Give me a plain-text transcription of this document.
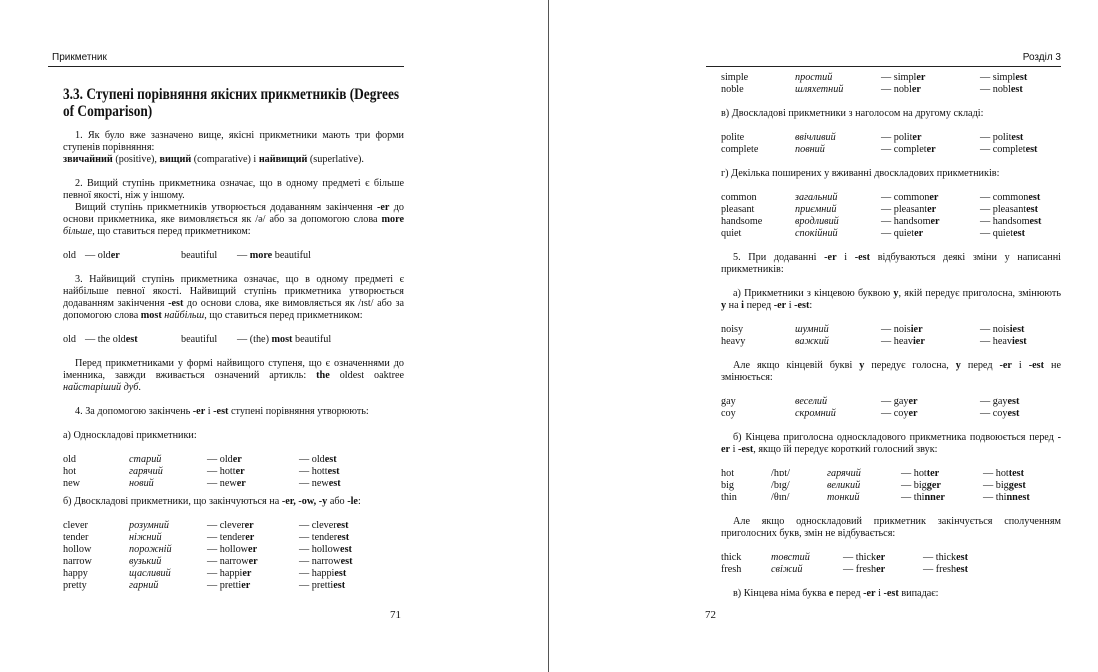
Прикметник
3.3. Ступені порівняння якісних прикметників (Degrees of Comparison)

1. Як було вже зазначено вище, якісні прикметники мають три форми ступенів порівняння:

звичайний (positive), вищий (comparative) і найвищий (superlative).

2. Вищий ступінь прикметника означає, що в одному предметі є більше певної якості, ніж у іншому.

Вищий ступінь прикметників утворюється додаванням закінчення -er до основи прикметника, яке вимовляється як /ə/ або за допомогою слова more більше, що ставиться перед прикметником:

old	— older	beautiful	— more beautiful

3. Найвищий ступінь прикметника означає, що в одному предметі є найбільше певної якості. Найвищий ступінь прикметника утворюється додаванням закінчення -est до основи слова, яке вимовляється як /ɪst/ або за допомогою слова most найбільш, що ставиться перед прикметником:

old	— the oldest	beautiful	— (the) most beautiful

Перед прикметниками у формі найвищого ступеня, що є означеннями до іменника, завжди вживається означений артикль: the oldest oaktree найстаріший дуб.

4. За допомогою закінчень -er і -est ступені порівняння утворюють:

а) Односкладові прикметники:

old	старий	— older	— oldest
hot	гарячий	— hotter	— hottest
new	новий	— newer	— newest

б) Двоскладові прикметники, що закінчуються на -er, -ow, -y або -le:

clever	розумний	— cleverer	— cleverest
tender	ніжний	— tenderer	— tenderest
hollow	порожній	— hollower	— hollowest
narrow	вузький	— narrower	— narrowest
happy	щасливий	— happier	— happiest
pretty	гарний	— prettier	— prettiest
71
Розділ 3
simple	простий	— simpler	— simplest
noble	шляхетний	— nobler	— noblest

в) Двоскладові прикметники з наголосом на другому складі:

polite	ввічливий	— politer	— politest
complete	повний	— completer	— completest

г) Декілька поширених у вживанні двоскладових прикметників:

common	загальний	— commoner	— commonest
pleasant	приємний	— pleasanter	— pleasantest
handsome	вродливий	— handsomer	— handsomest
quiet	спокійний	— quieter	— quietest

5. При додаванні -er і -est відбуваються деякі зміни у написанні прикметників:

а) Прикметники з кінцевою буквою у, якій передує приголосна, змінюють у на і перед -er і -est:

noisy	шумний	— noisier	— noisiest
heavy	важкий	— heavier	— heaviest

Але якщо кінцевій букві у передує голосна, у перед -er і -est не змінюється:

gay	веселий	— gayer	— gayest
coy	скромний	— coyer	— coyest

б) Кінцева приголосна односкладового прикметника подвоюється перед -er і -est, якщо їй передує короткий голосний звук:

hot	/hɒt/	гарячий	— hotter	— hottest
big	/bɪg/	великий	— bigger	— biggest
thin	/θɪn/	тонкий	— thinner	— thinnest

Але якщо односкладовий прикметник закінчується сполученням приголосних букв, змін не відбувається:

thick	товстий	— thicker	— thickest
fresh	свіжий	— fresher	— freshest

в) Кінцева німа буква е перед -er і -est випадає:

72
